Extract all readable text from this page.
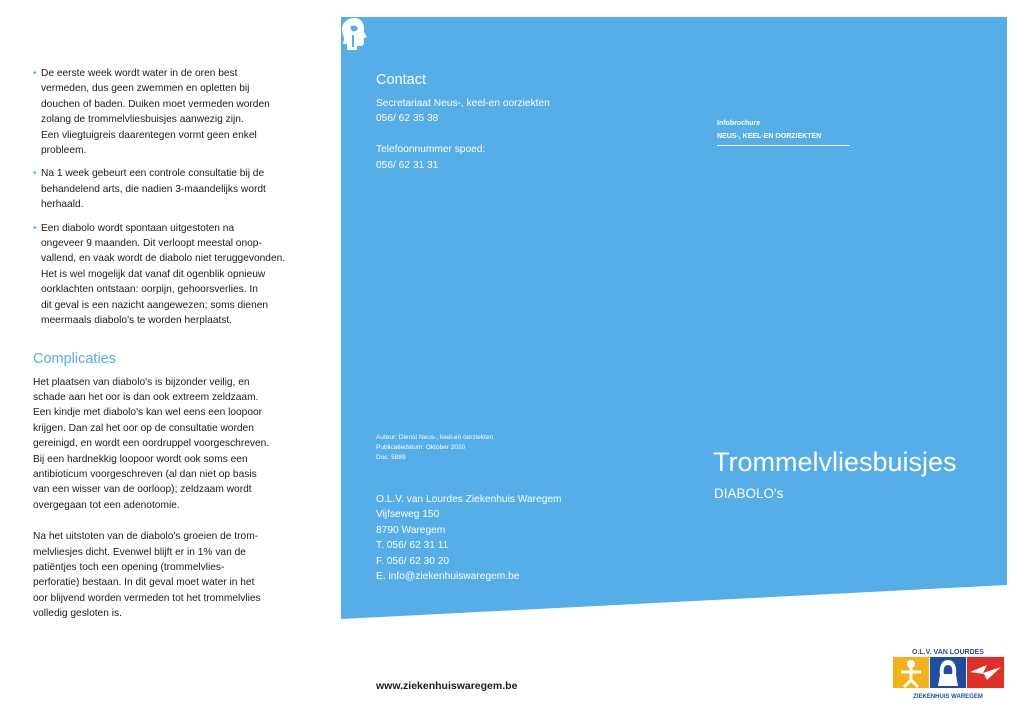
• De eerste week wordt water in de oren best
vermeden, dus geen zwemmen en opletten bij
douchen of baden. Duiken moet vermeden worden
zolang de trommelvliesbuisjes aanwezig zijn.
Een vliegtuigreis daarentegen vormt geen enkel
probleem.
• Na 1 week gebeurt een controle consultatie bij de
behandelend arts, die nadien 3-maandelijks wordt
herhaald.
• Een diabolo wordt spontaan uitgestoten na
ongeveer 9 maanden. Dit verloopt meestal onop-
vallend, en vaak wordt de diabolo niet teruggevonden.
Het is wel mogelijk dat vanaf dit ogenblik opnieuw
oorklachten ontstaan: oorpijn, gehoorsverlies. In
dit geval is een nazicht aangewezen; soms dienen
meermaals diabolo's te worden herplaatst.
Complicaties

Het plaatsen van diabolo's is bijzonder veilig, en
schade aan het oor is dan ook extreem zeldzaam.
Een kindje met diabolo's kan wel eens een loopoor
krijgen. Dan zal het oor op de consultatie worden
gereinigd, en wordt een oordruppel voorgeschreven.
Bij een hardnekkig loopoor wordt ook soms een
antibioticum voorgeschreven (al dan niet op basis
van een wisser van de oorloop); zeldzaam wordt
overgegaan tot een adenotomie.

Na het uitstoten van de diabolo's groeien de trom-
melvliesjes dicht. Evenwel blijft er in 1% van de
patiëntjes toch een opening (trommelvlies-
perforatie) bestaan. In dit geval moet water in het
oor blijvend worden vermeden tot het trommelvlies
volledig gesloten is.

Contact
Secretariaat Neus-, keel-en oorziekten
056/ 62 35 38

Telefoonnummer spoed:
056/ 62 31 31
Auteur: Dienst Neus-, keel-en oorziekten
Publicatiedatum: Oktober 2020
Doc: 5889
O.L.V. van Lourdes Ziekenhuis Waregem
Vijfseweg 150
8790 Waregem
T. 056/ 62 31 11
F. 056/ 62 30 20
E. info@ziekenhuiswaregem.be
Infobrochure
NEUS-, KEEL-EN OORZIEKTEN
Trommelvliesbuisjes
DIABOLO's
www.ziekenhuiswaregem.be
O.L.V. VAN LOURDES
ZIEKENHUIS WAREGEM
